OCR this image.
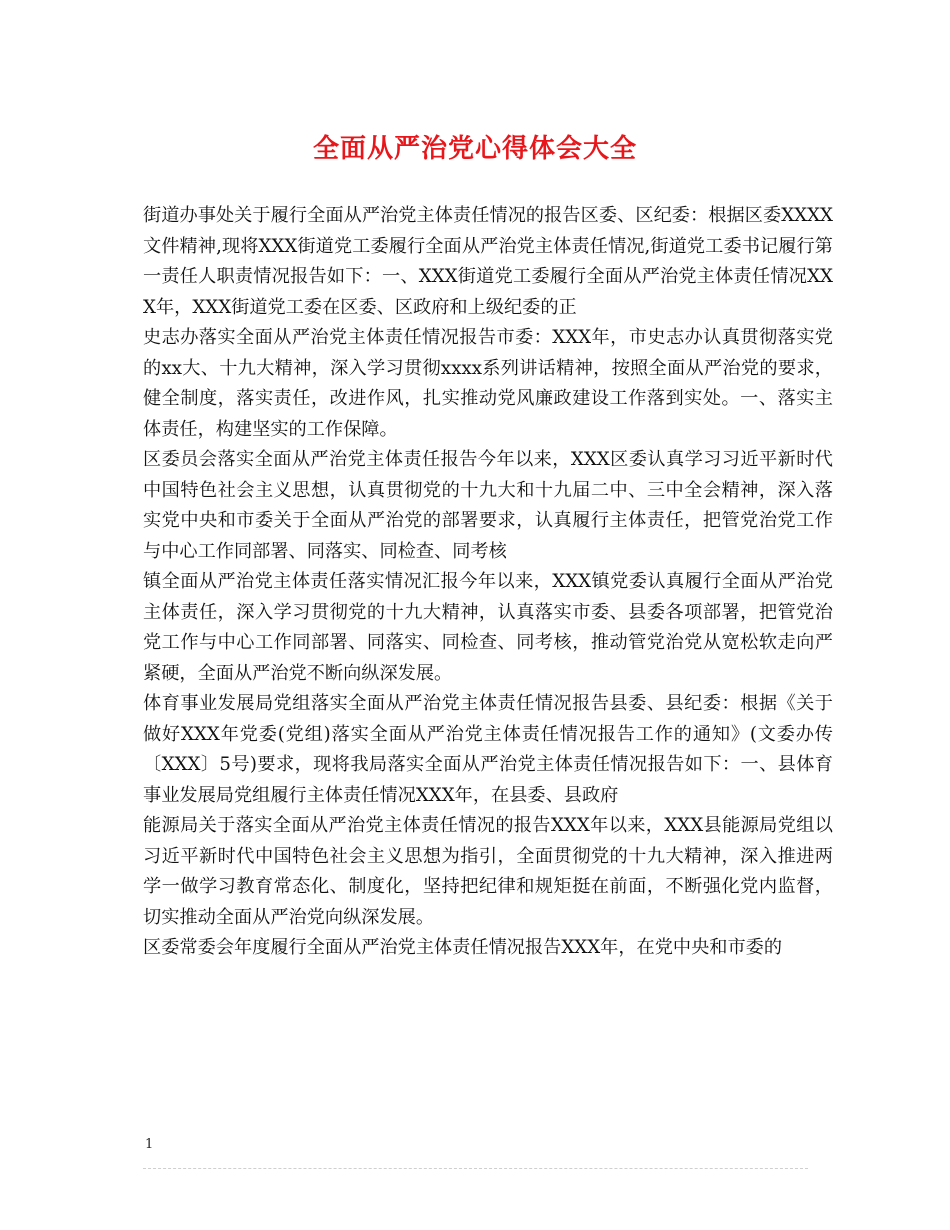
全面从严治党心得体会大全

街道办事处关于履行全面从严治党主体责任情况的报告区委、区纪委：根据区委XXXX文件精神,现将XXX街道党工委履行全面从严治党主体责任情况,街道党工委书记履行第一责任人职责情况报告如下：一、XXX街道党工委履行全面从严治党主体责任情况XXX年，XXX街道党工委在区委、区政府和上级纪委的正

史志办落实全面从严治党主体责任情况报告市委：XXX年，市史志办认真贯彻落实党的xx大、十九大精神，深入学习贯彻xxxx系列讲话精神，按照全面从严治党的要求，健全制度，落实责任，改进作风，扎实推动党风廉政建设工作落到实处。一、落实主体责任，构建坚实的工作保障。

区委员会落实全面从严治党主体责任报告今年以来，XXX区委认真学习习近平新时代中国特色社会主义思想，认真贯彻党的十九大和十九届二中、三中全会精神，深入落实党中央和市委关于全面从严治党的部署要求，认真履行主体责任，把管党治党工作与中心工作同部署、同落实、同检查、同考核

镇全面从严治党主体责任落实情况汇报今年以来，XXX镇党委认真履行全面从严治党主体责任，深入学习贯彻党的十九大精神，认真落实市委、县委各项部署，把管党治党工作与中心工作同部署、同落实、同检查、同考核，推动管党治党从宽松软走向严紧硬，全面从严治党不断向纵深发展。

体育事业发展局党组落实全面从严治党主体责任情况报告县委、县纪委：根据《关于做好XXX年党委(党组)落实全面从严治党主体责任情况报告工作的通知》(文委办传〔XXX〕5号)要求，现将我局落实全面从严治党主体责任情况报告如下：一、县体育事业发展局党组履行主体责任情况XXX年，在县委、县政府

能源局关于落实全面从严治党主体责任情况的报告XXX年以来，XXX县能源局党组以习近平新时代中国特色社会主义思想为指引，全面贯彻党的十九大精神，深入推进两学一做学习教育常态化、制度化，坚持把纪律和规矩挺在前面，不断强化党内监督，切实推动全面从严治党向纵深发展。

区委常委会年度履行全面从严治党主体责任情况报告XXX年，在党中央和市委的

1
